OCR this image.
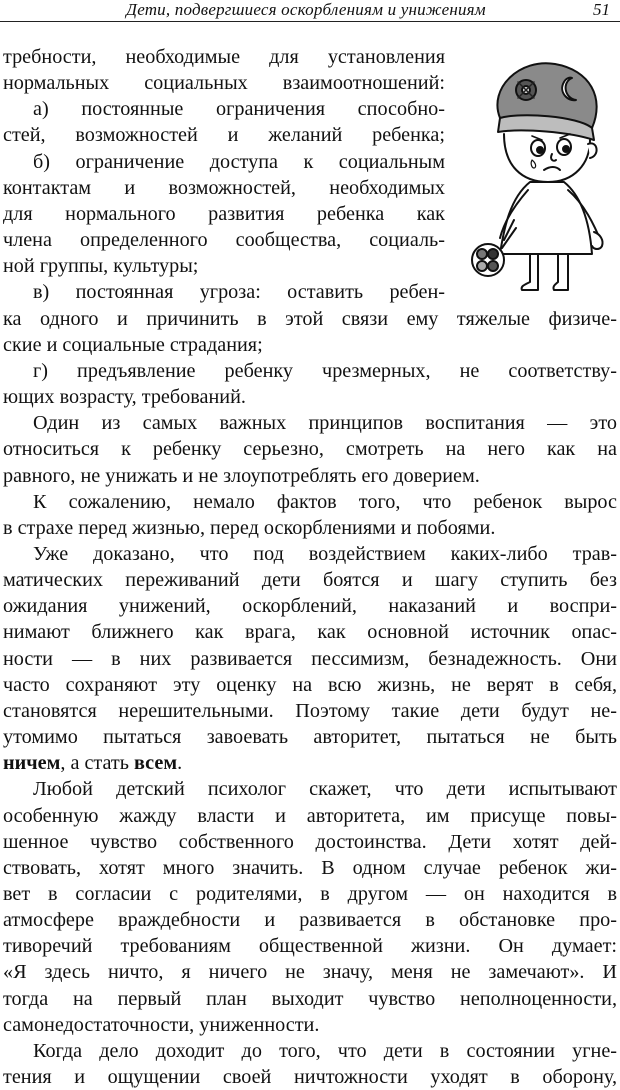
Дети, подвергшиеся оскорблениям и унижениям	51
требности, необходимые для установления
нормальных социальных взаимоотношений:
а) постоянные ограничения способно-
стей, возможностей и желаний ребенка;
б) ограничение доступа к социальным
контактам и возможностей, необходимых
для нормального развития ребенка как
члена определенного сообщества, социаль-
ной группы, культуры;
в) постоянная угроза: оставить ребен-
ка одного и причинить в этой связи ему тяжелые физиче-
ские и социальные страдания;
г) предъявление ребенку чрезмерных, не соответству-
ющих возрасту, требований.
Один из самых важных принципов воспитания — это
относиться к ребенку серьезно, смотреть на него как на
равного, не унижать и не злоупотреблять его доверием.
К сожалению, немало фактов того, что ребенок вырос
в страхе перед жизнью, перед оскорблениями и побоями.
Уже доказано, что под воздействием каких-либо трав-
матических переживаний дети боятся и шагу ступить без
ожидания унижений, оскорблений, наказаний и воспри-
нимают ближнего как врага, как основной источник опас-
ности — в них развивается пессимизм, безнадежность. Они
часто сохраняют эту оценку на всю жизнь, не верят в себя,
становятся нерешительными. Поэтому такие дети будут не-
утомимо пытаться завоевать авторитет, пытаться не быть
ничем, а стать всем.
Любой детский психолог скажет, что дети испытывают
особенную жажду власти и авторитета, им присуще повы-
шенное чувство собственного достоинства. Дети хотят дей-
ствовать, хотят много значить. В одном случае ребенок жи-
вет в согласии с родителями, в другом — он находится в
атмосфере враждебности и развивается в обстановке про-
тиворечий требованиям общественной жизни. Он думает:
«Я здесь ничто, я ничего не значу, меня не замечают». И
тогда на первый план выходит чувство неполноценности,
самонедостаточности, униженности.
Когда дело доходит до того, что дети в состоянии угне-
тения и ощущении своей ничтожности уходят в оборону,
